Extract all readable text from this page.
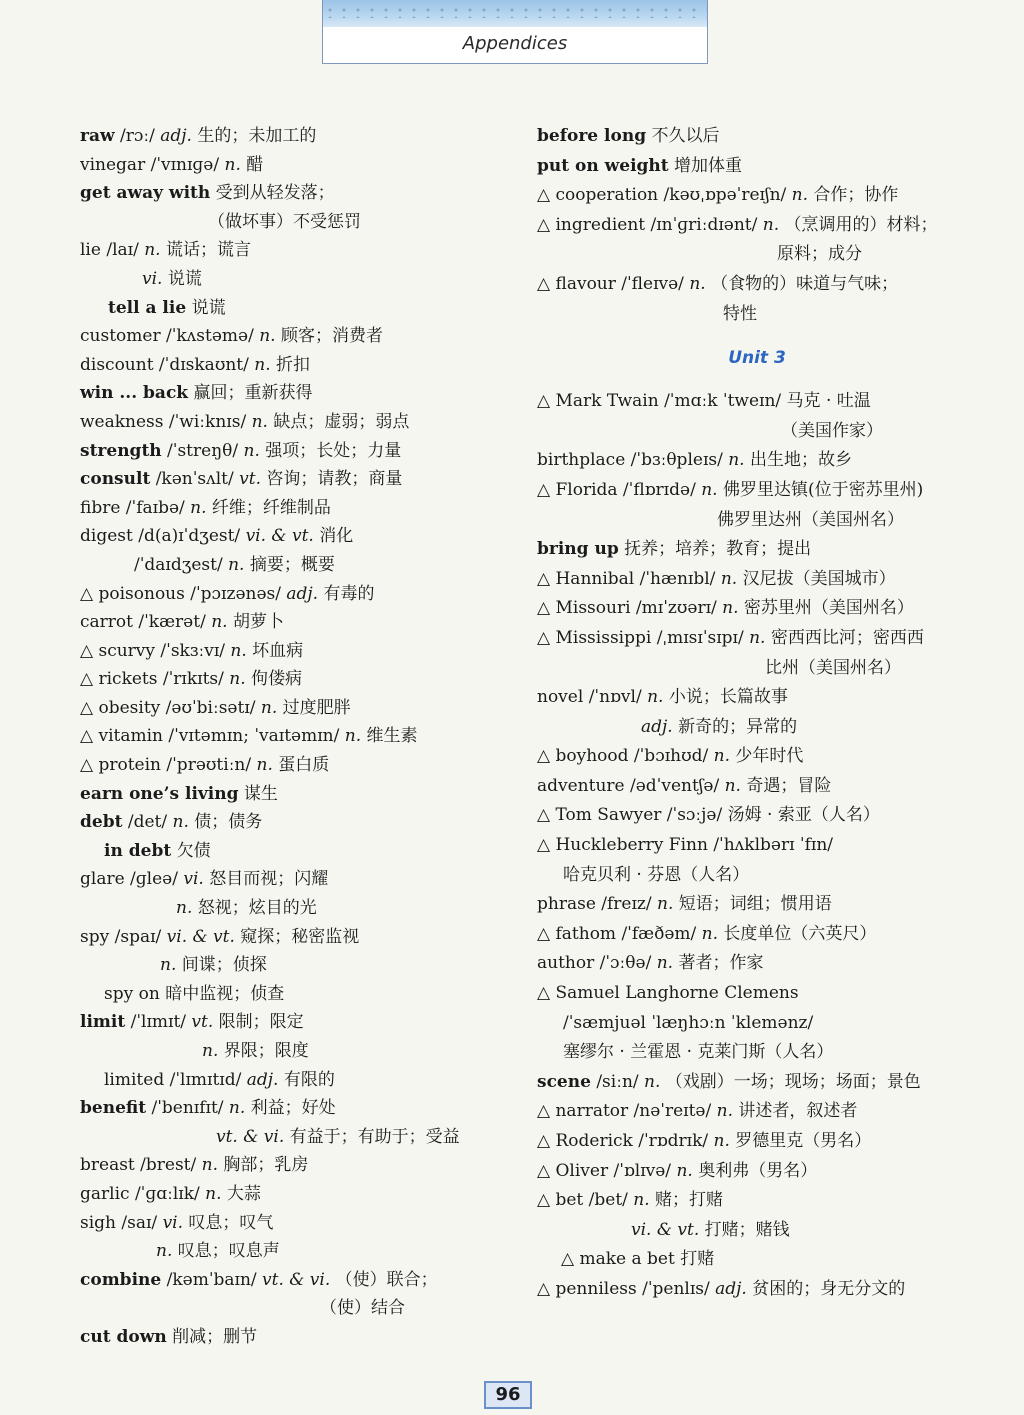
Appendices
raw /rɔː/ adj. 生的；未加工的
vinegar /ˈvɪnɪɡə/ n. 醋
get away with 受到从轻发落；
（做坏事）不受惩罚
lie /laɪ/ n. 谎话；谎言
vi. 说谎
tell a lie 说谎
customer /ˈkʌstəmə/ n. 顾客；消费者
discount /ˈdɪskaʊnt/ n. 折扣
win ... back 赢回；重新获得
weakness /ˈwiːknɪs/ n. 缺点；虚弱；弱点
strength /ˈstreŋθ/ n. 强项；长处；力量
consult /kənˈsʌlt/ vt. 咨询；请教；商量
fibre /ˈfaɪbə/ n. 纤维；纤维制品
digest /d(a)ɪˈdʒest/ vi. & vt. 消化
/ˈdaɪdʒest/ n. 摘要；概要
△ poisonous /ˈpɔɪzənəs/ adj. 有毒的
carrot /ˈkærət/ n. 胡萝卜
△ scurvy /ˈskɜːvɪ/ n. 坏血病
△ rickets /ˈrɪkɪts/ n. 佝偻病
△ obesity /əʊˈbiːsətɪ/ n. 过度肥胖
△ vitamin /ˈvɪtəmɪn; ˈvaɪtəmɪn/ n. 维生素
△ protein /ˈprəʊtiːn/ n. 蛋白质
earn one’s living 谋生
debt /det/ n. 债；债务
in debt 欠债
glare /ɡleə/ vi. 怒目而视；闪耀
n. 怒视；炫目的光
spy /spaɪ/ vi. & vt. 窥探；秘密监视
n. 间谍；侦探
spy on 暗中监视；侦查
limit /ˈlɪmɪt/ vt. 限制；限定
n. 界限；限度
limited /ˈlɪmɪtɪd/ adj. 有限的
benefit /ˈbenɪfɪt/ n. 利益；好处
vt. & vi. 有益于；有助于；受益
breast /brest/ n. 胸部；乳房
garlic /ˈɡɑːlɪk/ n. 大蒜
sigh /saɪ/ vi. 叹息；叹气
n. 叹息；叹息声
combine /kəmˈbaɪn/ vt. & vi. （使）联合；
（使）结合
cut down 削减；删节
before long 不久以后
put on weight 增加体重
△ cooperation /kəʊˌɒpəˈreɪʃn/ n. 合作；协作
△ ingredient /ɪnˈɡriːdɪənt/ n. （烹调用的）材料；
原料；成分
△ flavour /ˈfleɪvə/ n. （食物的）味道与气味；
特性
Unit 3
△ Mark Twain /ˈmɑːk ˈtweɪn/ 马克 · 吐温
（美国作家）
birthplace /ˈbɜːθpleɪs/ n. 出生地；故乡
△ Florida /ˈflɒrɪdə/ n. 佛罗里达镇(位于密苏里州)
佛罗里达州（美国州名）
bring up 抚养；培养；教育；提出
△ Hannibal /ˈhænɪbl/ n. 汉尼拔（美国城市）
△ Missouri /mɪˈzʊərɪ/ n. 密苏里州（美国州名）
△ Mississippi /ˌmɪsɪˈsɪpɪ/ n. 密西西比河；密西西
比州（美国州名）
novel /ˈnɒvl/ n. 小说；长篇故事
adj. 新奇的；异常的
△ boyhood /ˈbɔɪhʊd/ n. 少年时代
adventure /ədˈventʃə/ n. 奇遇；冒险
△ Tom Sawyer /ˈsɔːjə/ 汤姆 · 索亚（人名）
△ Huckleberry Finn /ˈhʌklbərɪ ˈfɪn/
哈克贝利 · 芬恩（人名）
phrase /freɪz/ n. 短语；词组；惯用语
△ fathom /ˈfæðəm/ n. 长度单位（六英尺）
author /ˈɔːθə/ n. 著者；作家
△ Samuel Langhorne Clemens
/ˈsæmjuəl ˈlæŋhɔːn ˈklemənz/
塞缪尔 · 兰霍恩 · 克莱门斯（人名）
scene /siːn/ n. （戏剧）一场；现场；场面；景色
△ narrator /nəˈreɪtə/ n. 讲述者，叙述者
△ Roderick /ˈrɒdrɪk/ n. 罗德里克（男名）
△ Oliver /ˈɒlɪvə/ n. 奥利弗（男名）
△ bet /bet/ n. 赌；打赌
vi. & vt. 打赌；赌钱
△ make a bet 打赌
△ penniless /ˈpenlɪs/ adj. 贫困的；身无分文的
96
